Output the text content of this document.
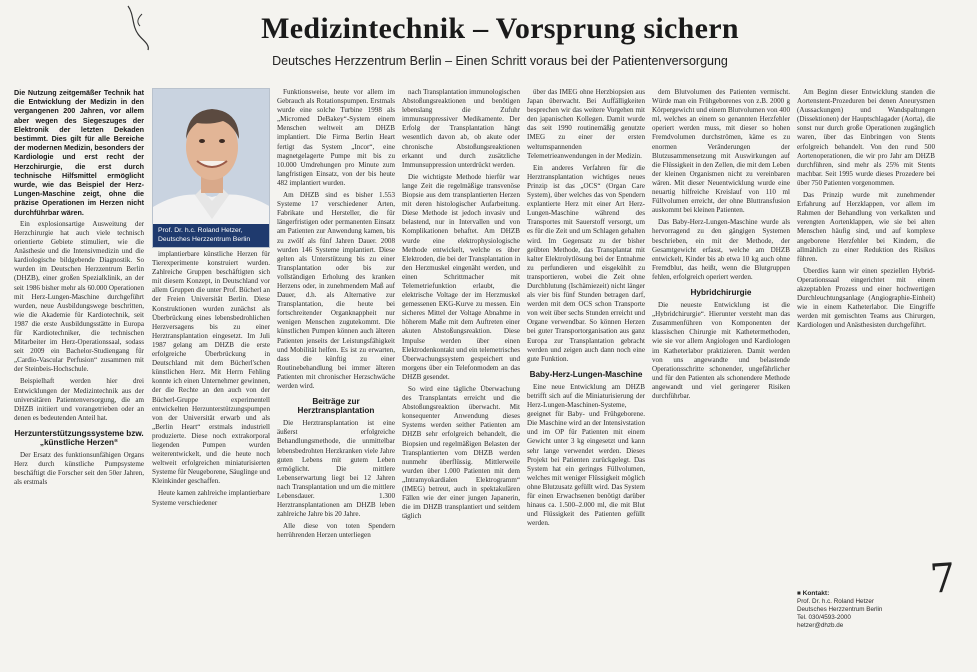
Medizintechnik – Vorsprung sichern
Deutsches Herzzentrum Berlin – Einen Schritt voraus bei der Patientenversorgung

Die Nutzung zeitgemäßer Technik hat die Entwicklung der Medizin in den vergangenen 200 Jahren, vor allem aber wegen des Siegeszuges der Elektronik der letzten Dekaden bestimmt. Dies gilt für alle Bereiche der modernen Medizin, besonders der Kardiologie und erst recht der Herzchirurgie, die erst durch technische Hilfsmittel ermöglicht wurde, wie das Beispiel der Herz-Lungen-Maschine zeigt, ohne die präzise Operationen im Herzen nicht durchführbar wären.

Ein explosionsartige Ausweitung der Herzchirurgie hat auch viele technisch orientierte Gebiete stimuliert, wie die Anästhesie und die Intensivmedizin und die kardiologische bildgebende Diagnostik. So wurden im Deutschen Herzzentrum Berlin (DHZB), einer großen Spezialklinik, an der seit 1986 bisher mehr als 60.000 Operationen mit Herz-Lungen-Maschine durchgeführt wurden, neue Ausbildungswege beschritten, wie die Akademie für Kardiotechnik, seit 1987 die erste Ausbildungsstätte in Europa für Kardiotechniker, die technischen Mitarbeiter im Herz-Operationssaal, sodass seit 2009 ein Bachelor-Studiengang für „Cardio-Vascular Perfusion“ zusammen mit der Steinbeis-Hochschule.

Beispielhaft werden hier drei Entwicklungen der Medizintechnik aus der universitären Patientenversorgung, die am DHZB initiiert und vorangetrieben oder an denen es bedeutenden Anteil hat.

Herzunterstützungssysteme bzw. „künstliche Herzen“

Der Ersatz des funktionsunfähigen Organs Herz durch künstliche Pumpsysteme beschäftigt die Forscher seit den 50er Jahren, als erstmals

Prof. Dr. h.c. Roland Hetzer, Deutsches Herzzentrum Berlin

implantierbare künstliche Herzen für Tierexperimente konstruiert wurden. Zahlreiche Gruppen beschäftigten sich mit diesem Konzept, in Deutschland vor allem Gruppen die unter Prof. Bücherl an der Freien Universität Berlin. Diese Konstruktionen wurden zunächst als Überbrückung eines lebensbedrohlichen Herzversagens bis zu einer Herztransplantation eingesetzt. Im Juli 1987 gelang am DHZB die erste erfolgreiche Überbrückung in Deutschland mit dem Bücherl'schen künstlichen Herz. Mit Herrn Fehling konnte ich einen Unternehmer gewinnen, der die Rechte an den auch von der Bücherl-Gruppe experimentell entwickelten Herzunterstützungspumpen von der Universität erwarb und als „Berlin Heart“ erstmals industriell produzierte. Diese noch extrakorporal liegenden Pumpen wurden weiterentwickelt, und die heute noch weltweit erfolgreichen miniaturisierten Systeme für Neugeborene, Säuglinge und Kleinkinder geschaffen.

Heute kamen zahlreiche implantierbare Systeme verschiedener

Funktionsweise, heute vor allem im Gebrauch als Rotationspumpen. Erstmals wurde eine solche Turbine 1998 als „Micromed DeBakey“-System einem Menschen weltweit am DHZB implantiert. Die Firma Berlin Heart fertigt das System „Incor“, eine magnetgelagerte Pumpe mit bis zu 10.000 Umdrehungen pro Minute zum langfristigen Einsatz, von der bis heute 482 implantiert wurden.

Am DHZB sind es bisher 1.553 Systeme 17 verschiedener Arten, Fabrikate und Hersteller, die für längerfristigen oder permanenten Einsatz am Patienten zur Anwendung kamen, bis zu zwölf als fünf Jahren Dauer. 2008 wurden 146 Systeme implantiert. Diese gelten als Unterstützung bis zu einer Transplantation oder bis zur vollständigen Erholung des kranken Herzens oder, in zunehmendem Maß auf Dauer, d.h. als Alternative zur Transplantation, die heute bei fortschreitender Organknappheit nur wenigen Menschen zugutekommt. Die künstlichen Pumpen können auch älteren Patienten jenseits der Leistungsfähigkeit und Mobilität helfen. Es ist zu erwarten, dass die künftig zu einer Routinebehandlung bei immer älteren Patienten mit chronischer Herzschwäche werden wird.

Beiträge zur Herztransplantation

Die Herztransplantation ist eine äußerst erfolgreiche Behandlungsmethode, die unmittelbar lebensbedrohten Herzkranken viele Jahre guten Lebens mit gutem Leben ermöglicht. Die mittlere Lebenserwartung liegt bei 12 Jahren nach Transplantation und um die mittlere Lebensdauer. 1.300 Herztransplantationen am DHZB leben zahlreiche Jahre bis 20 Jahre.

Alle diese von toten Spendern herrührenden Herzen unterliegen

nach Transplantation immunologischen Abstoßungsreaktionen und benötigen lebenslang die Zufuhr immunsuppressiver Medikamente. Der Erfolg der Transplantation hängt wesentlich davon ab, ob akute oder chronische Abstoßungsreaktionen erkannt und durch zusätzliche Immunsuppression unterdrückt werden.

Die wichtigste Methode hierfür war lange Zeit die regelmäßige transvenöse Biopsie aus dem transplantierten Herzen mit deren histologischer Aufarbeitung. Diese Methode ist jedoch invasiv und belastend, nur in Intervallen und von Komplikationen behaftet. Am DHZB wurde eine elektrophysiologische Methode entwickelt, welche es über Elektroden, die bei der Transplantation in den Herzmuskel eingenäht werden, und einen Schrittmacher mit Telemetriefunktion erlaubt, die elektrische Voltage der im Herzmuskel gemessenen EKG-Kurve zu messen. Ein sicheres Mittel der Voltage Abnahme in höherem Maße mit dem Auftreten einer akuten Abstoßungsreaktion. Diese Impulse werden über einen Elektrodenkontakt und ein telemetrisches Überwachungssystem gespeichert und morgens über ein Telefonmodem an das DHZB gesendet.

So wird eine tägliche Überwachung des Transplantats erreicht und die Abstoßungsreaktion überwacht. Mit konsequenter Anwendung dieses Systems werden seither Patienten am DHZB sehr erfolgreich behandelt, die Biopsien und regelmäßigen Belasten der Transplantierten vom DHZB werden nunmehr überflüssig. Mittlerweile wurden über 1.000 Patienten mit dem „Intramyokardialen Elektrogramm“ (IMEG) betreut, auch in spektakulären Fällen wie der einer jungen Japanerin, die im DHZB transplantiert und seitdem täglich

über das IMEG ohne Herzbiopsien aus Japan überwacht. Bei Auffälligkeiten besprechen wir das weitere Vorgehen mit den japanischen Kollegen. Damit wurde das seit 1990 routinemäßig genutzte IMEG zu einer der ersten weltumspannenden Telemetrieanwendungen in der Medizin.

Ein anderes Verfahren für die Herztransplantation wichtiges neues Prinzip ist das „OCS“ (Organ Care System), über welches das von Spendern explantierte Herz mit einer Art Herz-Lungen-Maschine während des Transportes mit Sauerstoff versorgt, um es für die Zeit und um Schlagen gehalten wird. Im Gegensatz zu der bisher geübten Methode, das Transplantat mit kalter Elektrolytlösung bei der Entnahme zu perfundieren und eisgekühlt zu transportieren, wobei die Zeit ohne Durchblutung (Ischämiezeit) nicht länger als vier bis fünf Stunden betragen darf, werden mit dem OCS schon Transporte von weit über sechs Stunden erreicht und Organe verwendbar. So können Herzen bei guter Transportorganisation aus ganz Europa zur Transplantation gebracht werden und zeigen auch dann noch eine gute Funktion.

Baby-Herz-Lungen-Maschine

Eine neue Entwicklung am DHZB betrifft sich auf die Miniaturisierung der Herz-Lungen-Maschinen-Systeme, geeignet für Baby- und Frühgeborene. Die Maschine wird an der Intensivstation und im OP für Patienten mit einem Gewicht unter 3 kg eingesetzt und kann sehr lange verwendet werden. Dieses Projekt bei Patienten zurückgelegt. Das System hat ein geringes Füllvolumen, welches mit weniger Flüssigkeit möglich ohne Blutzusatz gefüllt wird. Das System für einen Erwachsenen benötigt darüber hinaus ca. 1.500–2.000 ml, die mit Blut und Flüssigkeit des Patienten gefüllt werden.

dem Blutvolumen des Patienten vermischt. Würde man ein Frühgeborenes von z.B. 2000 g Körpergewicht und einem Blutvolumen von 400 ml, welches an einem so genannten Herzfehler operiert werden muss, mit dieser so hohen Fremdvolumen durchströmen, käme es zu enormen Veränderungen der Blutzusammensetzung mit Auswirkungen auf die Flüssigkeit in den Zellen, die mit dem Leben der kleinen Organismen nicht zu vereinbaren wären. Mit dieser Neuentwicklung wurde eine neuartig hilfreiche Kreislauf von 110 ml Füllvolumen erreicht, der ohne Bluttransfusion auskommt bei kleinen Patienten.

Das Baby-Herz-Lungen-Maschine wurde als hervorragend zu den gängigen Systemen beschrieben, ein mit der Methode, der Gesamtgewicht erfasst, welche am DHZB entwickelt, Kinder bis ab etwa 10 kg auch ohne Fremdblut, das heißt, wenn die Blutgruppen fehlen, erfolgreich operiert werden.

Hybridchirurgie

Die neueste Entwicklung ist die „Hybridchirurgie“. Hierunter versteht man das Zusammenführen von Komponenten der klassischen Chirurgie mit Kathetermethoden, wie sie vor allem Angiologen und Kardiologen im Katheterlabor praktizieren. Damit werden von uns angewandte und belastende Operationsschritte schonender, ungefährlicher und für den Patienten als schonendere Methode angewandt und viel geringerer Risiken durchführbar.

Am Beginn dieser Entwicklung standen die Aortenstent-Prozeduren bei denen Aneurysmen (Aussackungen) und Wandspaltungen (Dissektionen) der Hauptschlagader (Aorta), die sonst nur durch große Operationen zugänglich waren, über das Einbringen von Stents erfolgreich behandelt. Von den rund 500 Aortenoperationen, die wir pro Jahr am DHZB durchführen, sind mehr als 25% mit Stents machbar. Seit 1995 wurde dieses Prozedere bei über 750 Patienten vorgenommen.

Das Prinzip wurde mit zunehmender Erfahrung auf Herzklappen, vor allem im Rahmen der Behandlung von verkalkten und verengten Aortenklappen, wie sie bei alten Menschen häufig sind, und auf komplexe angeborene Herzfehler bei Kindern, die allmählich zu einer Reduktion des Risikos führen.

Überdies kann wir einen speziellen Hybrid-Operationssaal eingerichtet mit einem akzeptablen Prozess und einer hochwertigen Durchleuchtungsanlage (Angiographie-Einheit) wie in einem Katheterlabor. Die Eingriffe werden mit gemischten Teams aus Chirurgen, Kardiologen und Anästhesisten durchgeführt.

■ Kontakt:
Prof. Dr. h.c. Roland Hetzer
Deutsches Herzzentrum Berlin
Tel. 030/4593-2000
hetzer@dhzb.de
7
